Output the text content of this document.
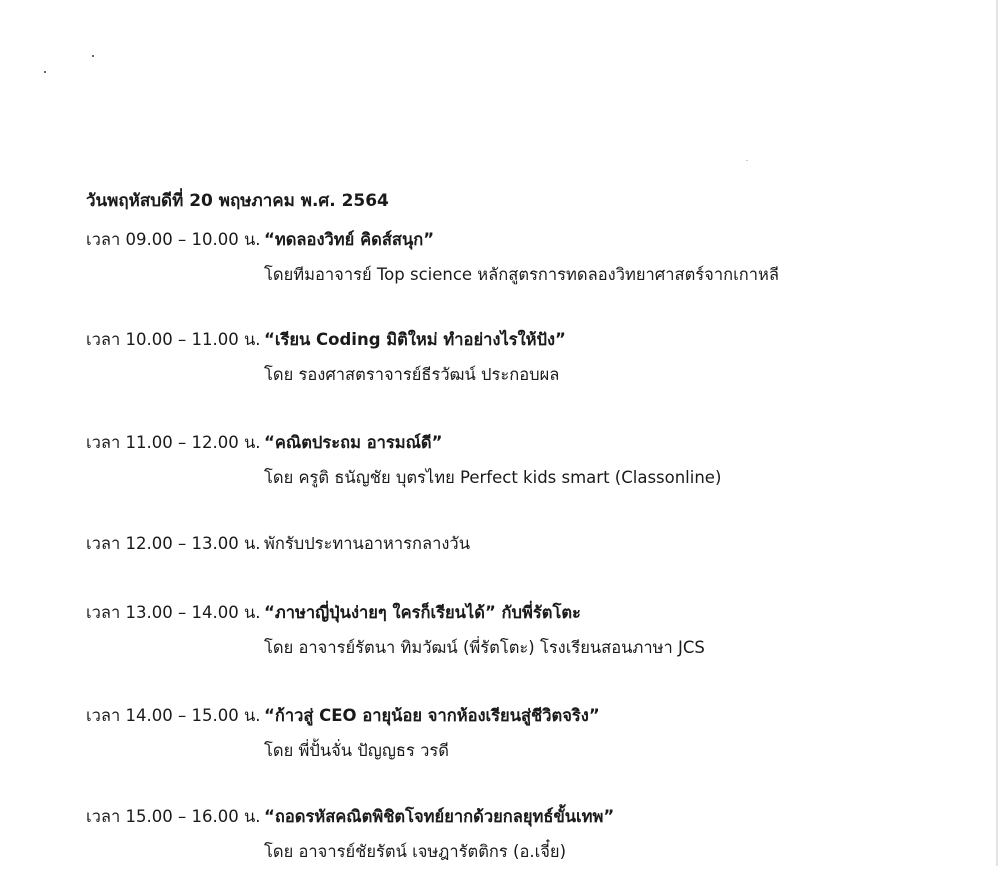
วันพฤหัสบดีที่ 20 พฤษภาคม พ.ศ. 2564
เวลา 09.00 – 10.00 น. “ทดลองวิทย์ คิดส์สนุก”
โดยทีมอาจารย์ Top science หลักสูตรการทดลองวิทยาศาสตร์จากเกาหลี
เวลา 10.00 – 11.00 น. “เรียน Coding มิติใหม่ ทำอย่างไรให้ปัง”
โดย รองศาสตราจารย์ธีรวัฒน์ ประกอบผล
เวลา 11.00 – 12.00 น. “คณิตประถม อารมณ์ดี”
โดย ครูติ ธนัญชัย บุตรไทย Perfect kids smart (Classonline)
เวลา 12.00 – 13.00 น. พักรับประทานอาหารกลางวัน
เวลา 13.00 – 14.00 น. “ภาษาญี่ปุ่นง่ายๆ ใครก็เรียนได้” กับพี่รัตโตะ
โดย อาจารย์รัตนา ทิมวัฒน์ (พี่รัตโตะ) โรงเรียนสอนภาษา JCS
เวลา 14.00 – 15.00 น. “ก้าวสู่ CEO อายุน้อย จากห้องเรียนสู่ชีวิตจริง”
โดย พี่ปั้นจั่น ปัญญธร วรดี
เวลา 15.00 – 16.00 น. “ถอดรหัสคณิตพิชิตโจทย์ยากด้วยกลยุทธ์ขั้นเทพ”
โดย อาจารย์ชัยรัตน์ เจษฎารัตติกร (อ.เจี๋ย)
